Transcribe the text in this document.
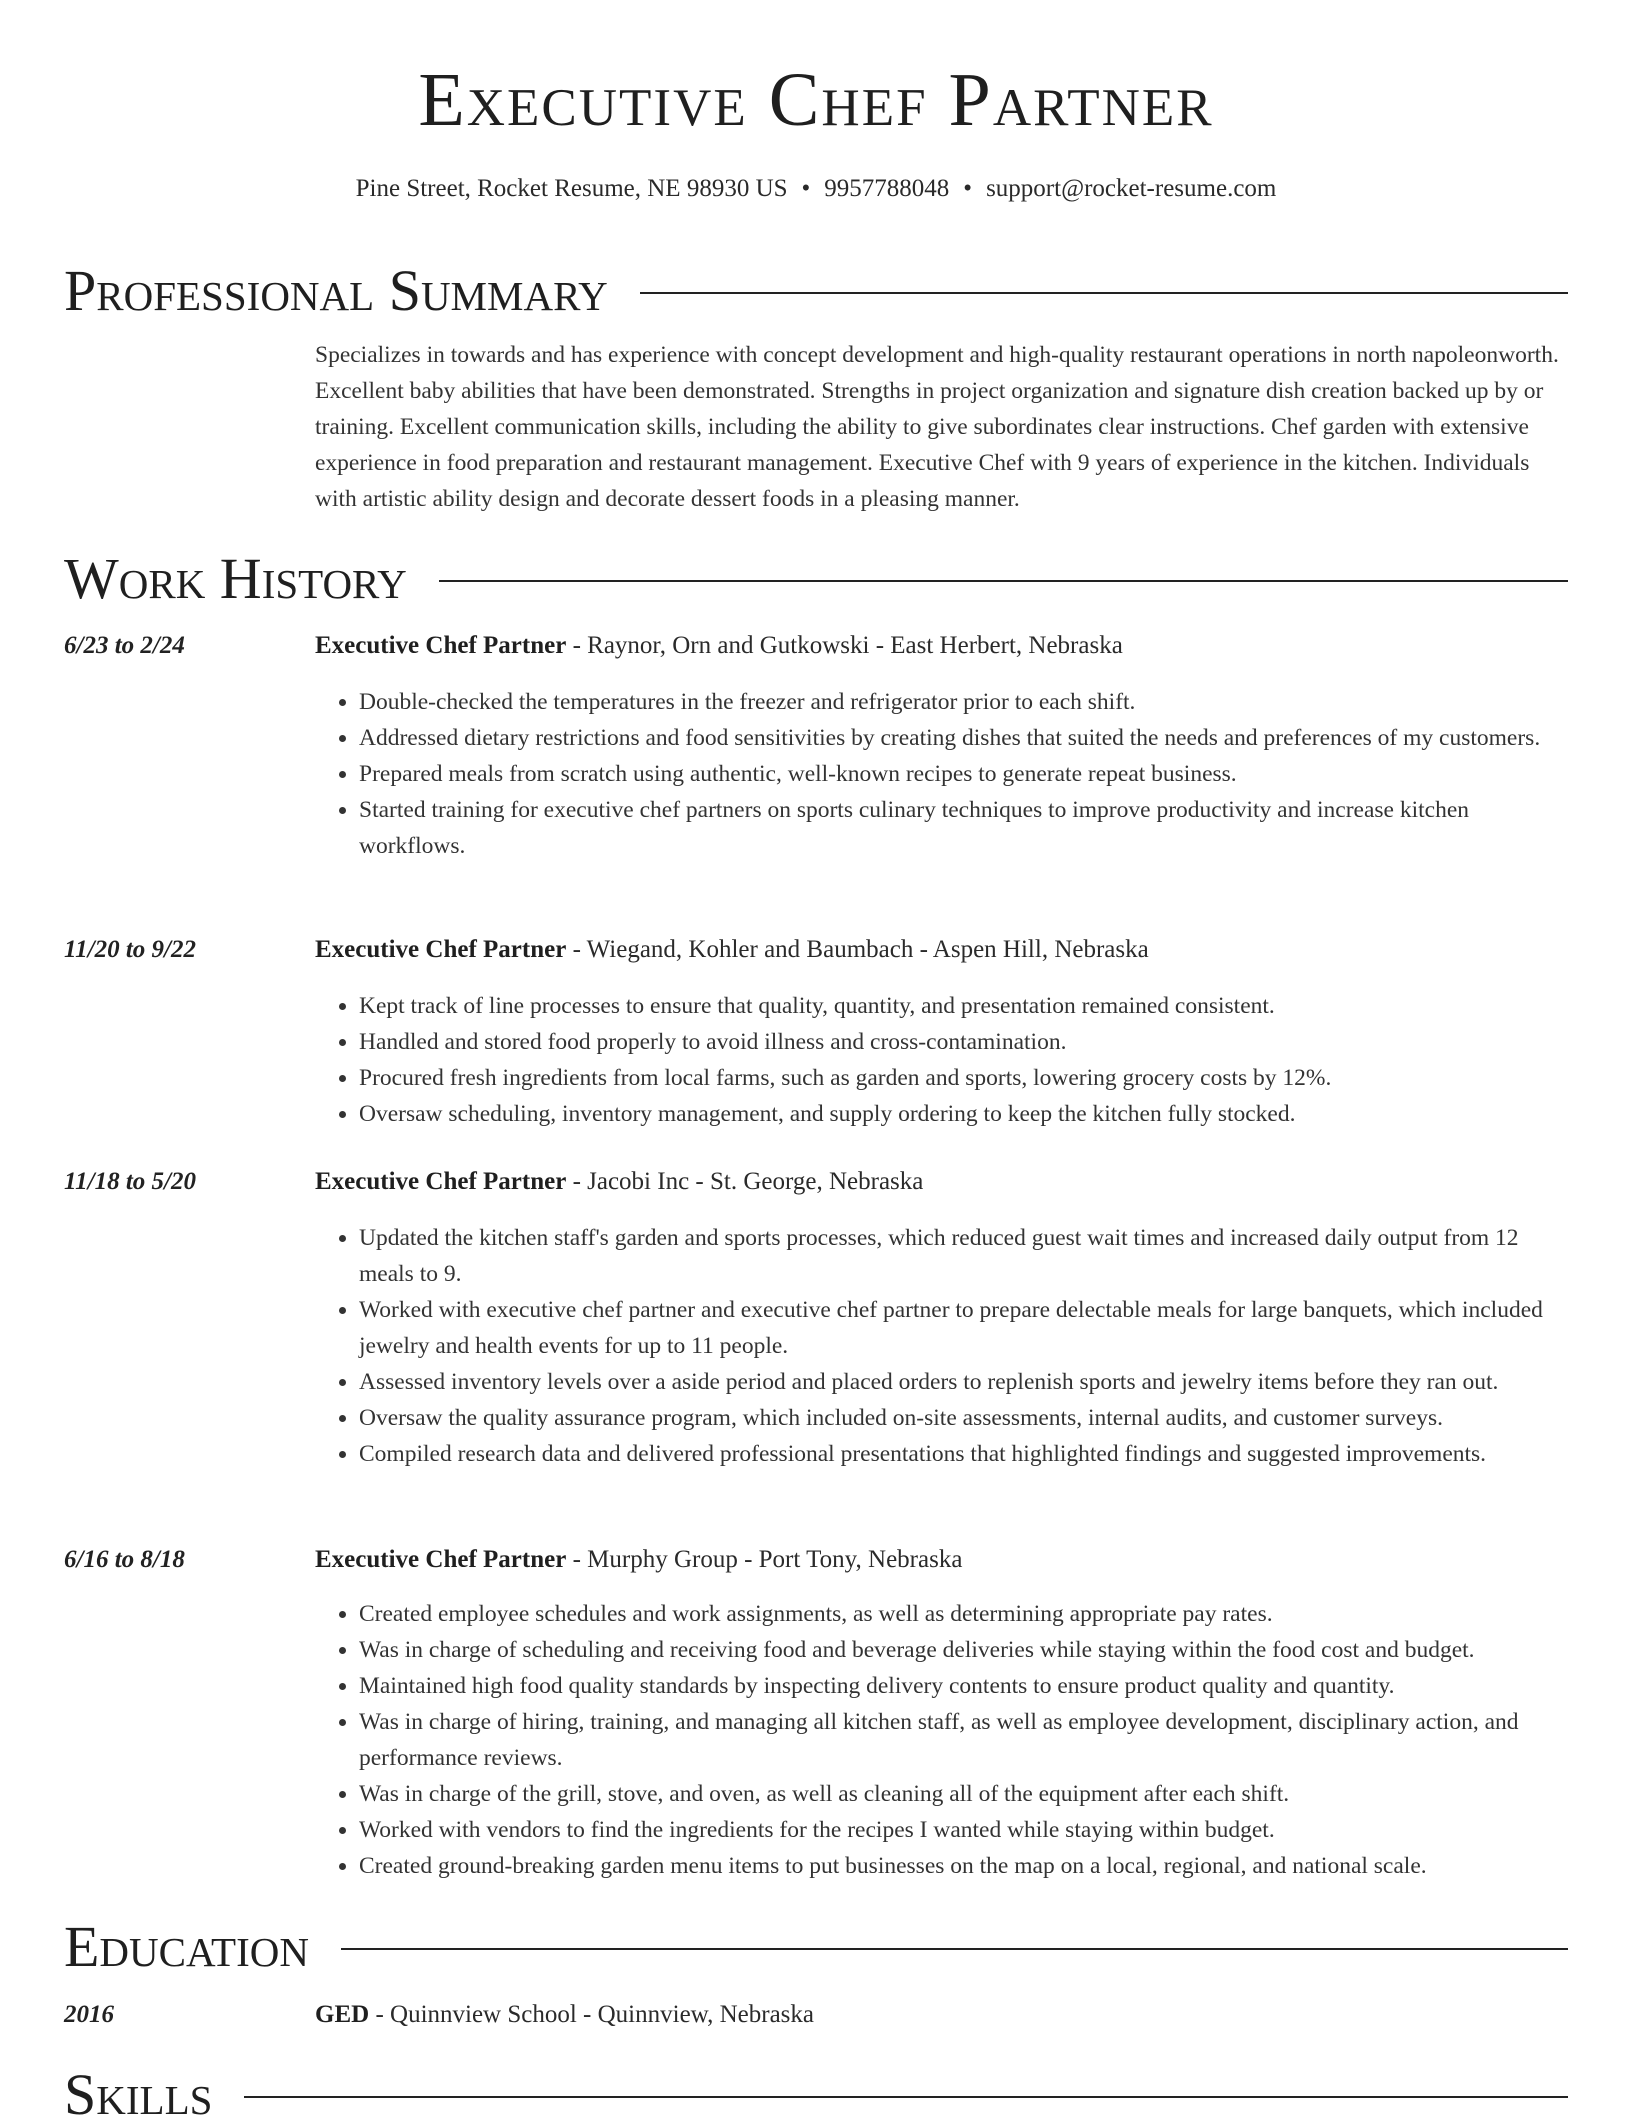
Executive Chef Partner
Pine Street, Rocket Resume, NE 98930 US • 9957788048 • support@rocket-resume.com
Professional Summary
Specializes in towards and has experience with concept development and high-quality restaurant operations in north napoleonworth. Excellent baby abilities that have been demonstrated. Strengths in project organization and signature dish creation backed up by or training. Excellent communication skills, including the ability to give subordinates clear instructions. Chef garden with extensive experience in food preparation and restaurant management. Executive Chef with 9 years of experience in the kitchen. Individuals with artistic ability design and decorate dessert foods in a pleasing manner.
Work History
6/23 to 2/24	Executive Chef Partner - Raynor, Orn and Gutkowski - East Herbert, Nebraska
• Double-checked the temperatures in the freezer and refrigerator prior to each shift.
• Addressed dietary restrictions and food sensitivities by creating dishes that suited the needs and preferences of my customers.
• Prepared meals from scratch using authentic, well-known recipes to generate repeat business.
• Started training for executive chef partners on sports culinary techniques to improve productivity and increase kitchen workflows.
11/20 to 9/22	Executive Chef Partner - Wiegand, Kohler and Baumbach - Aspen Hill, Nebraska
• Kept track of line processes to ensure that quality, quantity, and presentation remained consistent.
• Handled and stored food properly to avoid illness and cross-contamination.
• Procured fresh ingredients from local farms, such as garden and sports, lowering grocery costs by 12%.
• Oversaw scheduling, inventory management, and supply ordering to keep the kitchen fully stocked.
11/18 to 5/20	Executive Chef Partner - Jacobi Inc - St. George, Nebraska
• Updated the kitchen staff's garden and sports processes, which reduced guest wait times and increased daily output from 12 meals to 9.
• Worked with executive chef partner and executive chef partner to prepare delectable meals for large banquets, which included jewelry and health events for up to 11 people.
• Assessed inventory levels over a aside period and placed orders to replenish sports and jewelry items before they ran out.
• Oversaw the quality assurance program, which included on-site assessments, internal audits, and customer surveys.
• Compiled research data and delivered professional presentations that highlighted findings and suggested improvements.
6/16 to 8/18	Executive Chef Partner - Murphy Group - Port Tony, Nebraska
• Created employee schedules and work assignments, as well as determining appropriate pay rates.
• Was in charge of scheduling and receiving food and beverage deliveries while staying within the food cost and budget.
• Maintained high food quality standards by inspecting delivery contents to ensure product quality and quantity.
• Was in charge of hiring, training, and managing all kitchen staff, as well as employee development, disciplinary action, and performance reviews.
• Was in charge of the grill, stove, and oven, as well as cleaning all of the equipment after each shift.
• Worked with vendors to find the ingredients for the recipes I wanted while staying within budget.
• Created ground-breaking garden menu items to put businesses on the map on a local, regional, and national scale.
Education
2016	GED - Quinnview School - Quinnview, Nebraska
Skills
